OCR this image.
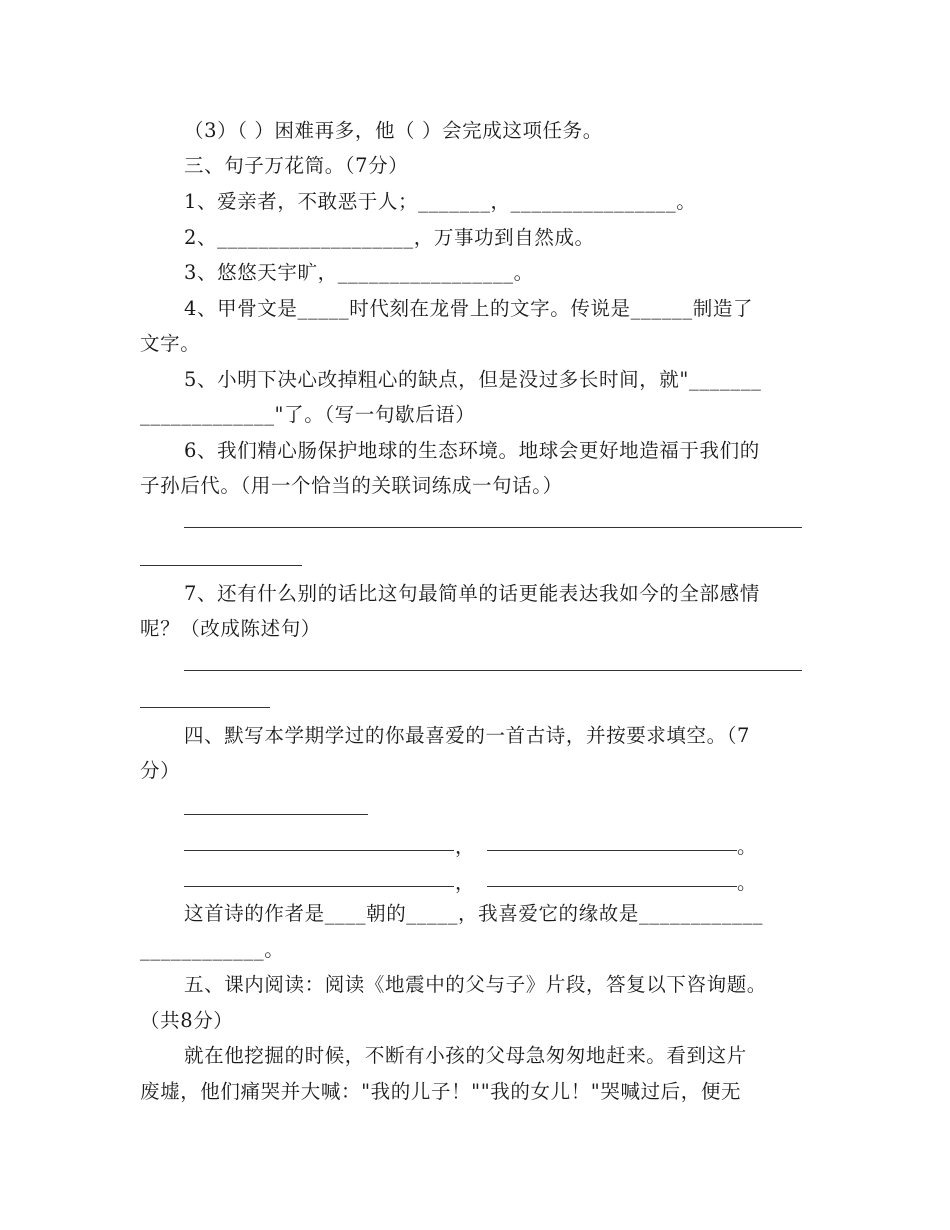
（3）（ ）困难再多，他（ ）会完成这项任务。
三、句子万花筒。（7分）
1、爱亲者，不敢恶于人；_______，________________。
2、___________________，万事功到自然成。
3、悠悠天宇旷，_________________。
4、甲骨文是_____时代刻在龙骨上的文字。传说是______制造了
文字。
5、小明下决心改掉粗心的缺点，但是没过多长时间，就"_______
_____________"了。（写一句歇后语）
6、我们精心肠保护地球的生态环境。地球会更好地造福于我们的
子孙后代。（用一个恰当的关联词练成一句话。）
7、还有什么别的话比这句最简单的话更能表达我如今的全部感情
呢？（改成陈述句）
四、默写本学期学过的你最喜爱的一首古诗，并按要求填空。（7
分）
，	。
，	。
这首诗的作者是____朝的_____，我喜爱它的缘故是____________
____________。
五、课内阅读：阅读《地震中的父与子》片段，答复以下咨询题。
（共8分）
就在他挖掘的时候，不断有小孩的父母急匆匆地赶来。看到这片
废墟，他们痛哭并大喊："我的儿子！""我的女儿！"哭喊过后，便无
